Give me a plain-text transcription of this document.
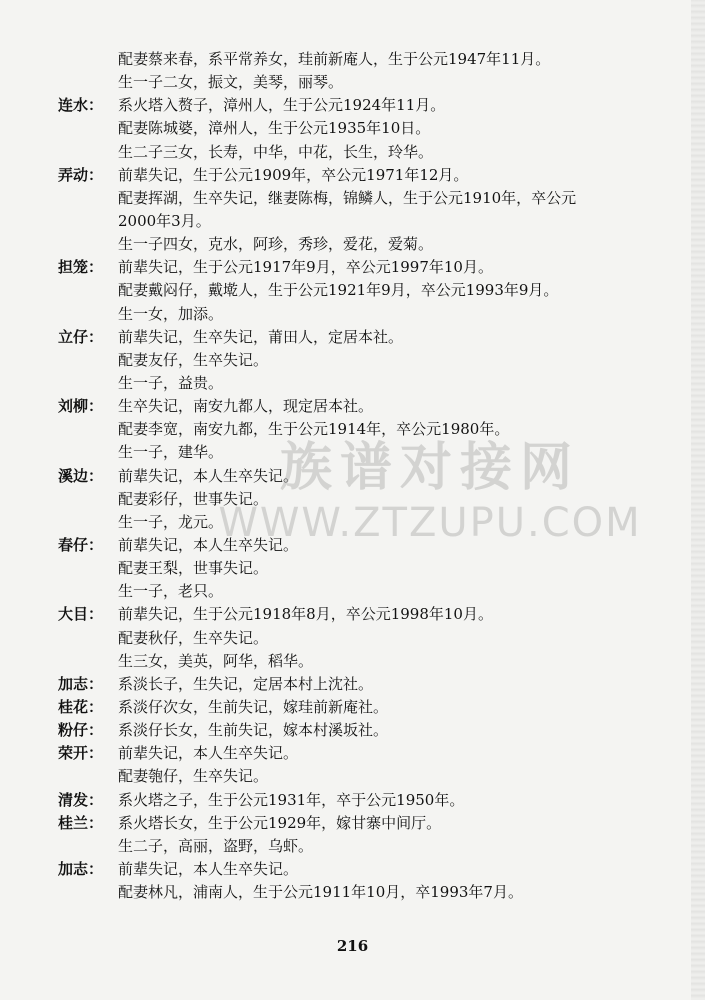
配妻蔡来春，系平常养女，珪前新庵人，生于公元1947年11月。
生一子二女，振文，美琴，丽琴。
连水： 系火塔入赘子，漳州人，生于公元1924年11月。
配妻陈城婆，漳州人，生于公元1935年10日。
生二子三女，长寿，中华，中花，长生，玲华。
弄动： 前辈失记，生于公元1909年，卒公元1971年12月。
配妻挥湖，生卒失记，继妻陈梅，锦鳞人，生于公元1910年，卒公元
2000年3月。
生一子四女，克水，阿珍，秀珍，爱花，爱菊。
担笼： 前辈失记，生于公元1917年9月，卒公元1997年10月。
配妻戴闷仔，戴墘人，生于公元1921年9月，卒公元1993年9月。
生一女，加添。
立仔： 前辈失记，生卒失记，莆田人，定居本社。
配妻友仔，生卒失记。
生一子，益贵。
刘柳： 生卒失记，南安九都人，现定居本社。
配妻李宽，南安九都，生于公元1914年，卒公元1980年。
生一子，建华。
溪边： 前辈失记，本人生卒失记。
配妻彩仔，世事失记。
生一子，龙元。
春仔： 前辈失记，本人生卒失记。
配妻王梨，世事失记。
生一子，老只。
大目： 前辈失记，生于公元1918年8月，卒公元1998年10月。
配妻秋仔，生卒失记。
生三女，美英，阿华，稻华。
加志： 系淡长子，生失记，定居本村上沈社。
桂花： 系淡仔次女，生前失记，嫁珪前新庵社。
粉仔： 系淡仔长女，生前失记，嫁本村溪坂社。
荣开： 前辈失记，本人生卒失记。
配妻匏仔，生卒失记。
清发： 系火塔之子，生于公元1931年，卒于公元1950年。
桂兰： 系火塔长女，生于公元1929年，嫁甘寨中间厅。
生二子，高丽，盗野，乌虾。
加志： 前辈失记，本人生卒失记。
配妻林凡，浦南人，生于公元1911年10月，卒1993年7月。
族谱对接网
WWW.ZTZUPU.COM
216
